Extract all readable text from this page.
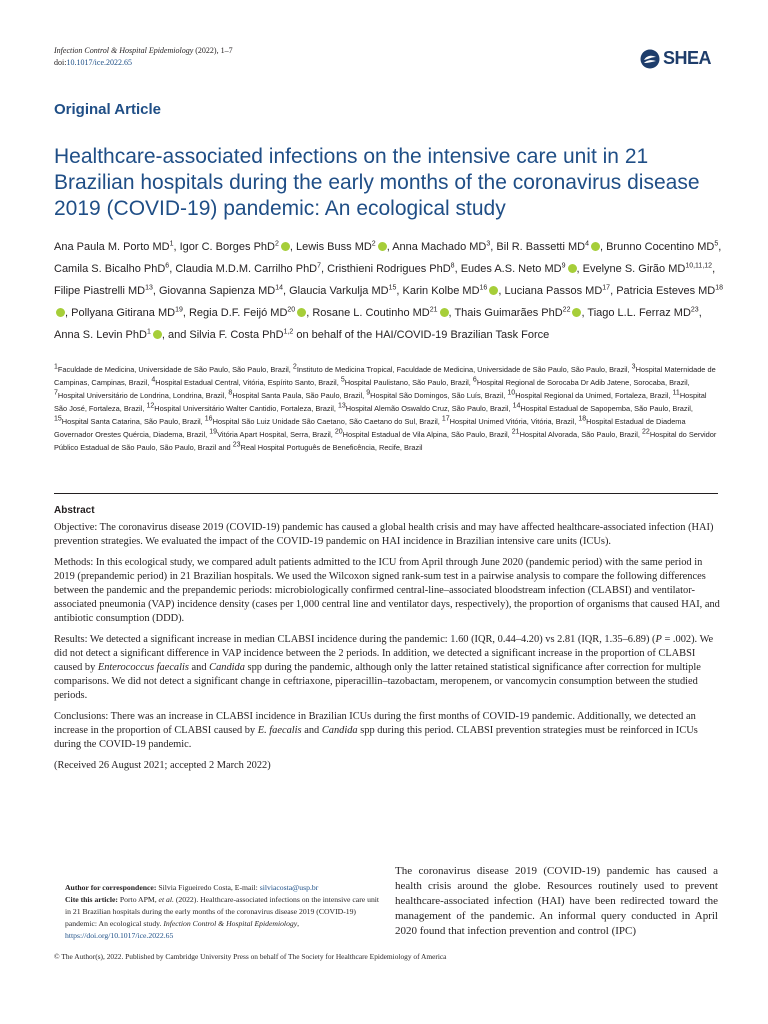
Infection Control & Hospital Epidemiology (2022), 1–7
doi:10.1017/ice.2022.65	SHEA
Original Article
Healthcare-associated infections on the intensive care unit in 21 Brazilian hospitals during the early months of the coronavirus disease 2019 (COVID-19) pandemic: An ecological study
Ana Paula M. Porto $MD^1$, Igor C. Borges PhD$^2$ , Lewis Buss $MD^2$ , Anna Machado $MD^3$, Bil R. Bassetti $MD^4$ , Brunno Cocentino $MD^5$, Camila S. Bicalho PhD$^6$, Claudia M.D.M. Carrilho PhD$^7$, Cristhieni Rodrigues PhD$^8$, Eudes A.S. Neto $MD^9$ , Evelyne S. Girão MD$^{10,11,12}$, Filipe Piastrelli MD$^{13}$, Giovanna Sapienza MD$^{14}$, Glaucia Varkulja MD$^{15}$, Karin Kolbe MD$^{16}$ , Luciana Passos MD$^{17}$, Patricia Esteves MD$^{18}$, Pollyana Gitirana MD$^{19}$, Regia D.F. Feijó MD$^{20}$ , Rosane L. Coutinho MD$^{21}$ , Thais Guimarães PhD$^{22}$ , Tiago L.L. Ferraz MD$^{23}$, Anna S. Levin PhD$^1$ , and Silvia F. Costa PhD$^{1,2}$ on behalf of the HAI/COVID-19 Brazilian Task Force
$^1$Faculdade de Medicina, Universidade de São Paulo, São Paulo, Brazil, $^2$Instituto de Medicina Tropical, Faculdade de Medicina, Universidade de São Paulo, São Paulo, Brazil, $^3$Hospital Maternidade de Campinas, Campinas, Brazil, $^4$Hospital Estadual Central, Vitória, Espírito Santo, Brazil, $^5$Hospital Paulistano, São Paulo, Brazil, $^6$Hospital Regional de Sorocaba Dr Adib Jatene, Sorocaba, Brazil, $^7$Hospital Universitário de Londrina, Londrina, Brazil, $^8$Hospital Santa Paula, São Paulo, Brazil, $^9$Hospital São Domingos, São Luís, Brazil, $^{10}$Hospital Regional da Unimed, Fortaleza, Brazil, $^{11}$Hospital São José, Fortaleza, Brazil, $^{12}$Hospital Universitário Walter Cantidio, Fortaleza, Brazil, $^{13}$Hospital Alemão Oswaldo Cruz, São Paulo, Brazil, $^{14}$Hospital Estadual de Sapopemba, São Paulo, Brazil, $^{15}$Hospital Santa Catarina, São Paulo, Brazil, $^{16}$Hospital São Luiz Unidade São Caetano, São Caetano do Sul, Brazil, $^{17}$Hospital Unimed Vitória, Vitória, Brazil, $^{18}$Hospital Estadual de Diadema Governador Orestes Quércia, Diadema, Brazil, $^{19}$Vitória Apart Hospital, Serra, Brazil, $^{20}$Hospital Estadual de Vila Alpina, São Paulo, Brazil, $^{21}$Hospital Alvorada, São Paulo, Brazil, $^{22}$Hospital do Servidor Público Estadual de São Paulo, São Paulo, Brazil and $^{23}$Real Hospital Português de Beneficência, Recife, Brazil
Abstract

Objective: The coronavirus disease 2019 (COVID-19) pandemic has caused a global health crisis and may have affected healthcare-associated infection (HAI) prevention strategies. We evaluated the impact of the COVID-19 pandemic on HAI incidence in Brazilian intensive care units (ICUs).

Methods: In this ecological study, we compared adult patients admitted to the ICU from April through June 2020 (pandemic period) with the same period in 2019 (prepandemic period) in 21 Brazilian hospitals. We used the Wilcoxon signed rank-sum test in a pairwise analysis to compare the following differences between the pandemic and the prepandemic periods: microbiologically confirmed central-line–associated bloodstream infection (CLABSI) and ventilator-associated pneumonia (VAP) incidence density (cases per 1,000 central line and ventilator days, respectively), the proportion of organisms that caused HAI, and antibiotic consumption (DDD).

Results: We detected a significant increase in median CLABSI incidence during the pandemic: 1.60 (IQR, 0.44–4.20) vs 2.81 (IQR, 1.35–6.89) (P = .002). We did not detect a significant difference in VAP incidence between the 2 periods. In addition, we detected a significant increase in the proportion of CLABSI caused by Enterococcus faecalis and Candida spp during the pandemic, although only the latter retained statistical significance after correction for multiple comparisons. We did not detect a significant change in ceftriaxone, piperacillin–tazobactam, meropenem, or vancomycin consumption between the studied periods.

Conclusions: There was an increase in CLABSI incidence in Brazilian ICUs during the first months of COVID-19 pandemic. Additionally, we detected an increase in the proportion of CLABSI caused by E. faecalis and Candida spp during this period. CLABSI prevention strategies must be reinforced in ICUs during the COVID-19 pandemic.

(Received 26 August 2021; accepted 2 March 2022)

Author for correspondence: Silvia Figueiredo Costa, E-mail: silviacosta@usp.br
Cite this article: Porto APM, et al. (2022). Healthcare-associated infections on the intensive care unit in 21 Brazilian hospitals during the early months of the coronavirus disease 2019 (COVID-19) pandemic: An ecological study. Infection Control & Hospital Epidemiology, https://doi.org/10.1017/ice.2022.65
The coronavirus disease 2019 (COVID-19) pandemic has caused a health crisis around the globe. Resources routinely used to prevent healthcare-associated infection (HAI) have been redirected toward the management of the pandemic. An informal query conducted in April 2020 found that infection prevention and control (IPC)
© The Author(s), 2022. Published by Cambridge University Press on behalf of The Society for Healthcare Epidemiology of America
